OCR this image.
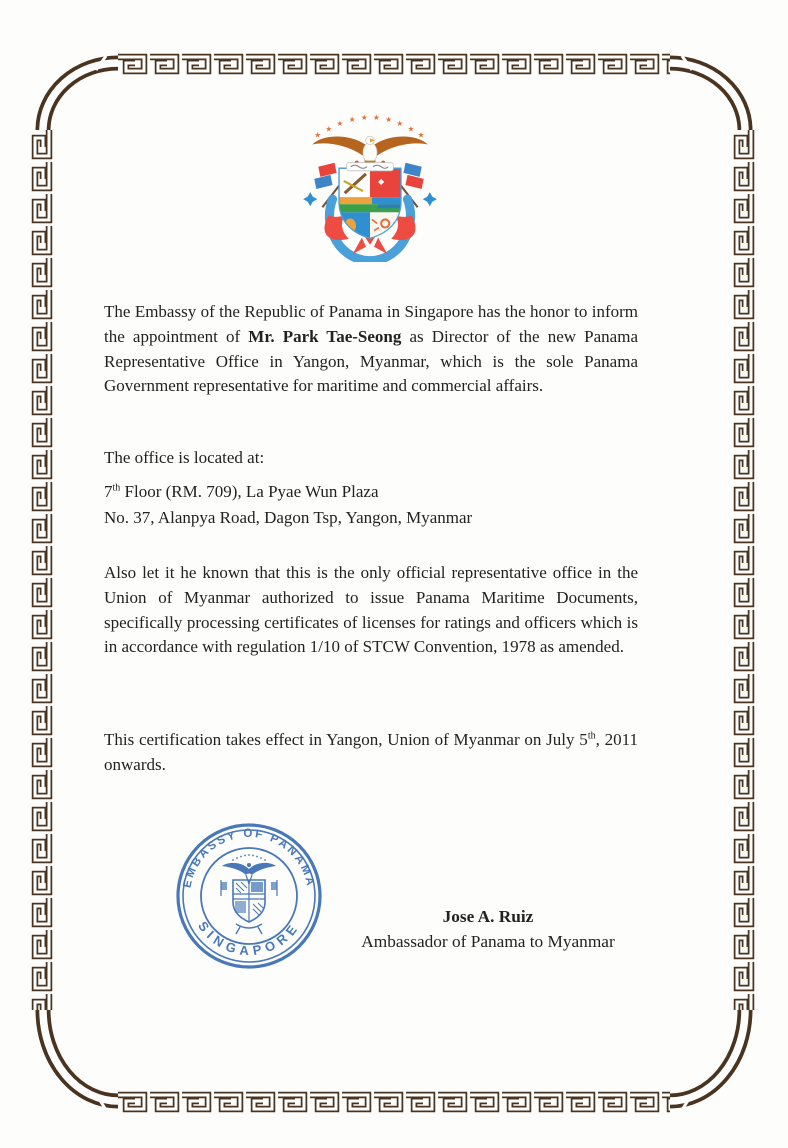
★
★
★ ★ ★ ★ ★ ★
★
★

The Embassy of the Republic of Panama in Singapore has the honor to inform the appointment of Mr. Park Tae-Seong as Director of the new Panama Representative Office in Yangon, Myanmar, which is the sole Panama Government representative for maritime and commercial affairs.

The office is located at:

7th Floor (RM. 709), La Pyae Wun Plaza
No. 37, Alanpya Road, Dagon Tsp, Yangon, Myanmar

Also let it he known that this is the only official representative office in the Union of Myanmar authorized to issue Panama Maritime Documents, specifically processing certificates of licenses for ratings and officers which is in accordance with regulation 1/10 of STCW Convention, 1978 as amended.

This certification takes effect in Yangon, Union of Myanmar on July 5th, 2011 onwards.

EMBASSY OF PANAMA
SINGAPORE
Jose A. Ruiz
Ambassador of Panama to Myanmar
